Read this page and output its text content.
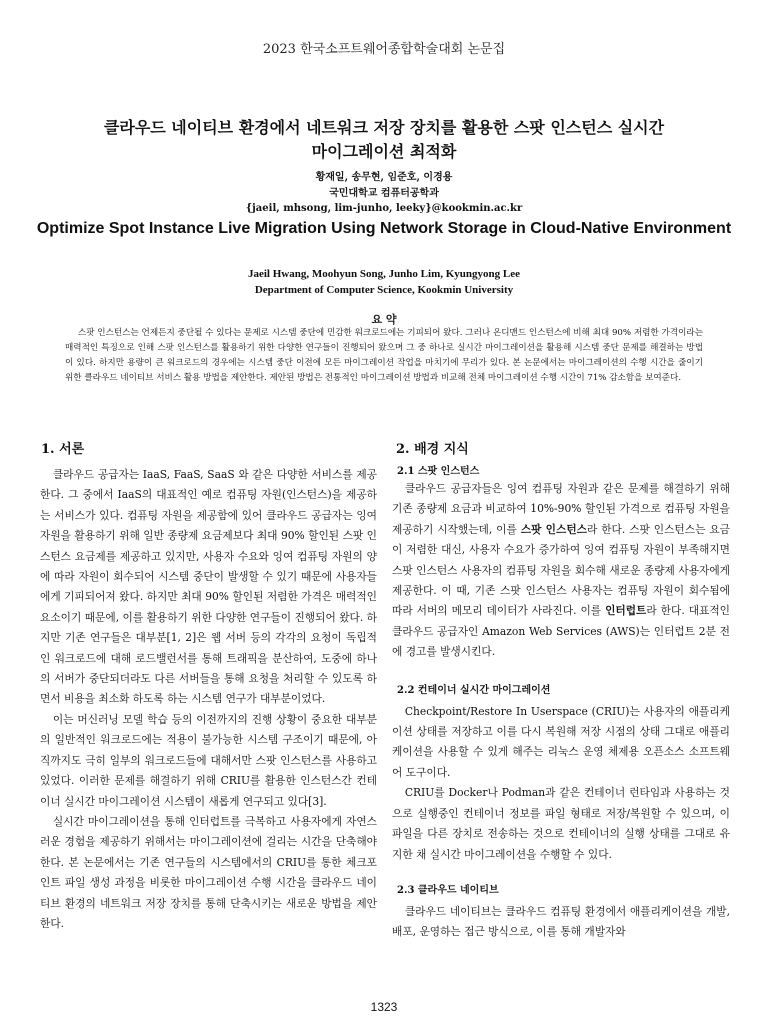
2023 한국소프트웨어종합학술대회 논문집
클라우드 네이티브 환경에서 네트워크 저장 장치를 활용한 스팟 인스턴스 실시간
마이그레이션 최적화
황재일, 송무현, 임준호, 이경용
국민대학교 컴퓨터공학과
{jaeil, mhsong, lim-junho, leeky}@kookmin.ac.kr
Optimize Spot Instance Live Migration Using Network Storage in Cloud-Native Environment
Jaeil Hwang, Moohyun Song, Junho Lim, Kyungyong Lee
Department of Computer Science, Kookmin University
요 약
스팟 인스턴스는 언제든지 중단될 수 있다는 문제로 시스템 중단에 민감한 워크로드에는 기피되어 왔다. 그러나 온디맨드 인스턴스에 비해 최대 90% 저렴한 가격이라는 매력적인 특징으로 인해 스팟 인스턴스를 활용하기 위한 다양한 연구들이 진행되어 왔으며 그 중 하나로 실시간 마이그레이션을 활용해 시스템 중단 문제를 해결하는 방법이 있다. 하지만 용량이 큰 워크로드의 경우에는 시스템 중단 이전에 모든 마이그레이션 작업을 마치기에 무리가 있다. 본 논문에서는 마이그레이션의 수행 시간을 줄이기 위한 클라우드 네이티브 서비스 활용 방법을 제안한다. 제안된 방법은 전통적인 마이그레이션 방법과 비교해 전체 마이그레이션 수행 시간이 71% 감소함을 보여준다.
1. 서론

클라우드 공급자는 IaaS, FaaS, SaaS 와 같은 다양한 서비스를 제공한다. 그 중에서 IaaS의 대표적인 예로 컴퓨팅 자원(인스턴스)을 제공하는 서비스가 있다. 컴퓨팅 자원을 제공함에 있어 클라우드 공급자는 잉여 자원을 활용하기 위해 일반 종량제 요금제보다 최대 90% 할인된 스팟 인스턴스 요금제를 제공하고 있지만, 사용자 수요와 잉여 컴퓨팅 자원의 양에 따라 자원이 회수되어 시스템 중단이 발생할 수 있기 때문에 사용자들에게 기피되어져 왔다. 하지만 최대 90% 할인된 저렴한 가격은 매력적인 요소이기 때문에, 이를 활용하기 위한 다양한 연구들이 진행되어 왔다. 하지만 기존 연구들은 대부분[1, 2]은 웹 서버 등의 각각의 요청이 독립적인 워크로드에 대해 로드밸런서를 통해 트래픽을 분산하여, 도중에 하나의 서버가 중단되더라도 다른 서버들을 통해 요청을 처리할 수 있도록 하면서 비용을 최소화 하도록 하는 시스템 연구가 대부분이었다.

이는 머신러닝 모델 학습 등의 이전까지의 진행 상황이 중요한 대부분의 일반적인 워크로드에는 적용이 불가능한 시스템 구조이기 때문에, 아직까지도 극히 일부의 워크로드들에 대해서만 스팟 인스턴스를 사용하고 있었다. 이러한 문제를 해결하기 위해 CRIU를 활용한 인스턴스간 컨테이너 실시간 마이그레이션 시스템이 새롭게 연구되고 있다[3].

실시간 마이그레이션을 통해 인터럽트를 극복하고 사용자에게 자연스러운 경험을 제공하기 위해서는 마이그레이션에 걸리는 시간을 단축해야 한다. 본 논문에서는 기존 연구들의 시스템에서의 CRIU를 통한 체크포인트 파일 생성 과정을 비롯한 마이그레이션 수행 시간을 클라우드 네이티브 환경의 네트워크 저장 장치를 통해 단축시키는 새로운 방법을 제안한다.

2. 배경 지식
2.1 스팟 인스턴스

클라우드 공급자들은 잉여 컴퓨팅 자원과 같은 문제를 해결하기 위해 기존 종량제 요금과 비교하여 10%-90% 할인된 가격으로 컴퓨팅 자원을 제공하기 시작했는데, 이를 스팟 인스턴스라 한다. 스팟 인스턴스는 요금이 저렴한 대신, 사용자 수요가 증가하여 잉여 컴퓨팅 자원이 부족해지면 스팟 인스턴스 사용자의 컴퓨팅 자원을 회수해 새로운 종량제 사용자에게 제공한다. 이 때, 기존 스팟 인스턴스 사용자는 컴퓨팅 자원이 회수됨에 따라 서버의 메모리 데이터가 사라진다. 이를 인터럽트라 한다. 대표적인 클라우드 공급자인 Amazon Web Services (AWS)는 인터럽트 2분 전에 경고를 발생시킨다.

2.2 컨테이너 실시간 마이그레이션

Checkpoint/Restore In Userspace (CRIU)는 사용자의 애플리케이션 상태를 저장하고 이를 다시 복원해 저장 시점의 상태 그대로 애플리케이션을 사용할 수 있게 해주는 리눅스 운영 체제용 오픈소스 소프트웨어 도구이다.

CRIU를 Docker나 Podman과 같은 컨테이너 런타임과 사용하는 것으로 실행중인 컨테이너 정보를 파일 형태로 저장/복원할 수 있으며, 이 파일을 다른 장치로 전송하는 것으로 컨테이너의 실행 상태를 그대로 유지한 채 실시간 마이그레이션을 수행할 수 있다.

2.3 클라우드 네이티브

클라우드 네이티브는 클라우드 컴퓨팅 환경에서 애플리케이션을 개발, 배포, 운영하는 접근 방식으로, 이를 통해 개발자와

1323
